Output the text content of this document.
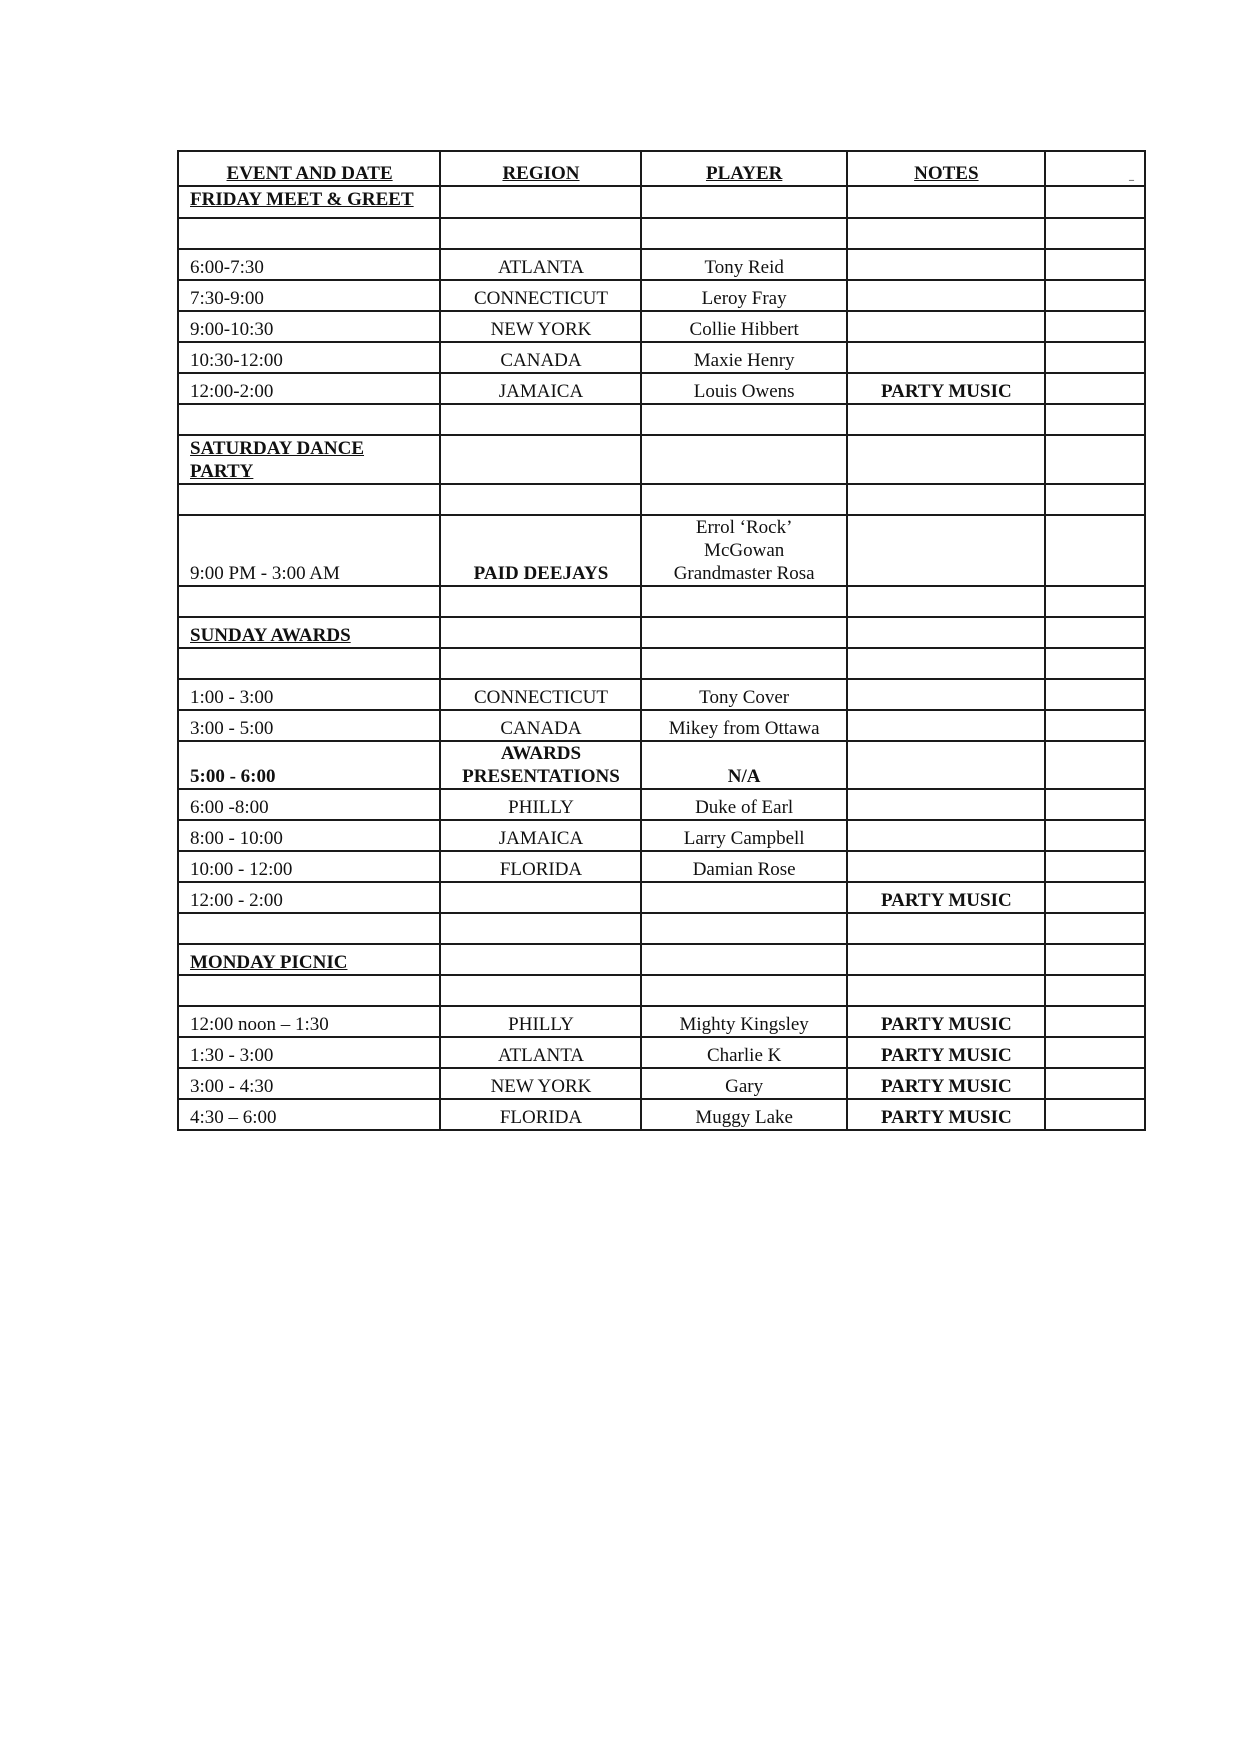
EVENT AND DATE	REGION	PLAYER	NOTES	_
FRIDAY MEET & GREET				

6:00-7:30	ATLANTA	Tony Reid		
7:30-9:00	CONNECTICUT	Leroy Fray		
9:00-10:30	NEW YORK	Collie Hibbert		
10:30-12:00	CANADA	Maxie Henry		
12:00-2:00	JAMAICA	Louis Owens	PARTY MUSIC	

SATURDAY DANCE PARTY				

9:00 PM - 3:00 AM	PAID DEEJAYS	Errol ‘Rock’
McGowan
Grandmaster Rosa		

SUNDAY AWARDS				

1:00 - 3:00	CONNECTICUT	Tony Cover		
3:00 - 5:00	CANADA	Mikey from Ottawa		
5:00 - 6:00	AWARDS
PRESENTATIONS	N/A		
6:00 -8:00	PHILLY	Duke of Earl		
8:00 - 10:00	JAMAICA	Larry Campbell		
10:00 - 12:00	FLORIDA	Damian Rose		
12:00 - 2:00			PARTY MUSIC	

MONDAY PICNIC				

12:00 noon – 1:30	PHILLY	Mighty Kingsley	PARTY MUSIC	
1:30 - 3:00	ATLANTA	Charlie K	PARTY MUSIC	
3:00 - 4:30	NEW YORK	Gary	PARTY MUSIC	
4:30 – 6:00	FLORIDA	Muggy Lake	PARTY MUSIC	
